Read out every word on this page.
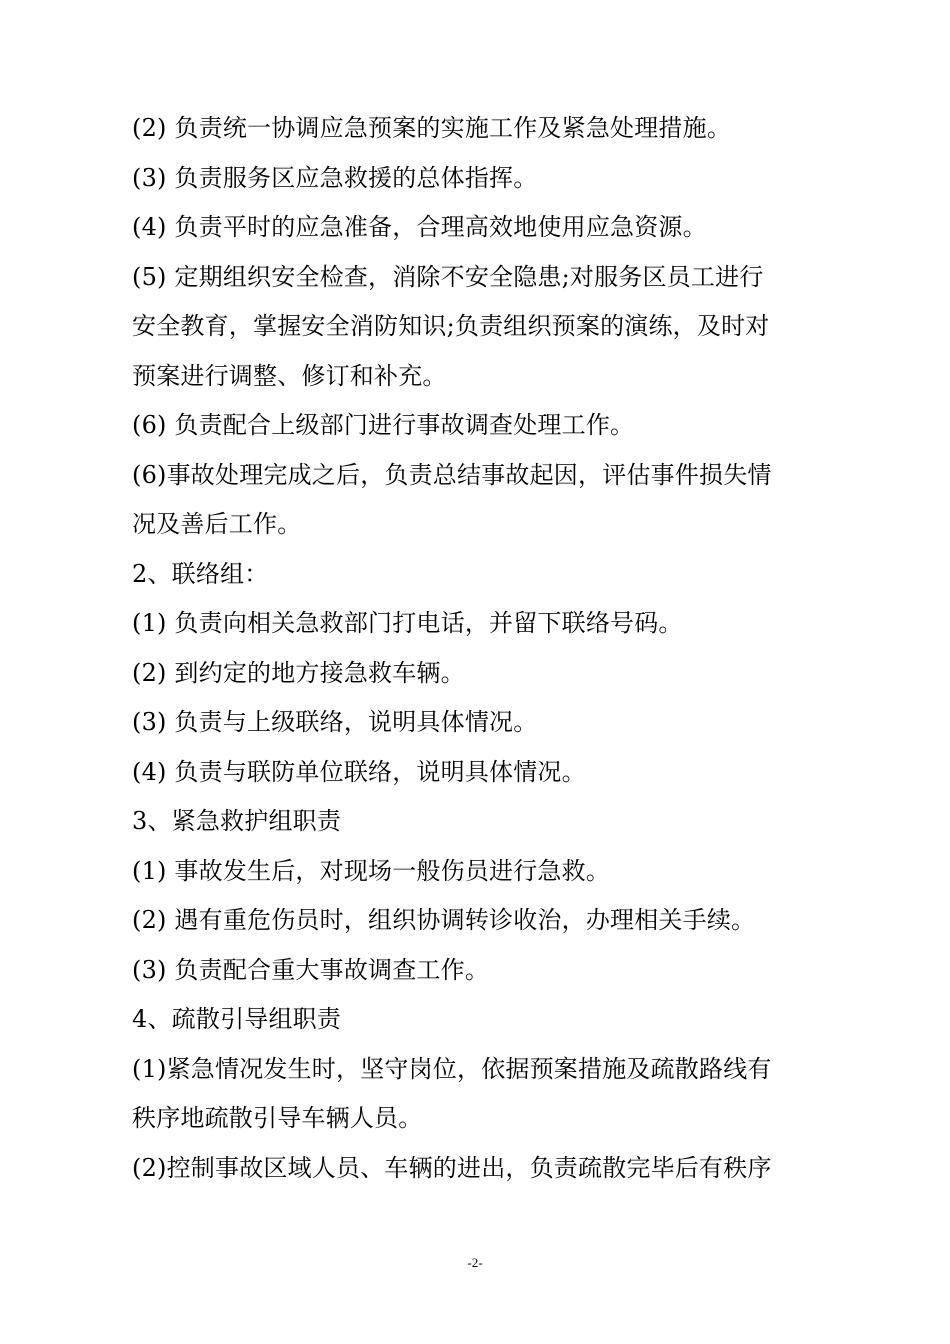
(2) 负责统一协调应急预案的实施工作及紧急处理措施。

(3) 负责服务区应急救援的总体指挥。

(4) 负责平时的应急准备，合理高效地使用应急资源。

(5) 定期组织安全检查，消除不安全隐患;对服务区员工进行

安全教育，掌握安全消防知识;负责组织预案的演练，及时对

预案进行调整、修订和补充。

(6) 负责配合上级部门进行事故调查处理工作。

(6)事故处理完成之后，负责总结事故起因，评估事件损失情

况及善后工作。

2、联络组：

(1) 负责向相关急救部门打电话，并留下联络号码。

(2) 到约定的地方接急救车辆。

(3) 负责与上级联络，说明具体情况。

(4) 负责与联防单位联络，说明具体情况。

3、紧急救护组职责

(1) 事故发生后，对现场一般伤员进行急救。

(2) 遇有重危伤员时，组织协调转诊收治，办理相关手续。

(3) 负责配合重大事故调查工作。

4、疏散引导组职责

(1)紧急情况发生时，坚守岗位，依据预案措施及疏散路线有

秩序地疏散引导车辆人员。

(2)控制事故区域人员、车辆的进出，负责疏散完毕后有秩序

-2-
